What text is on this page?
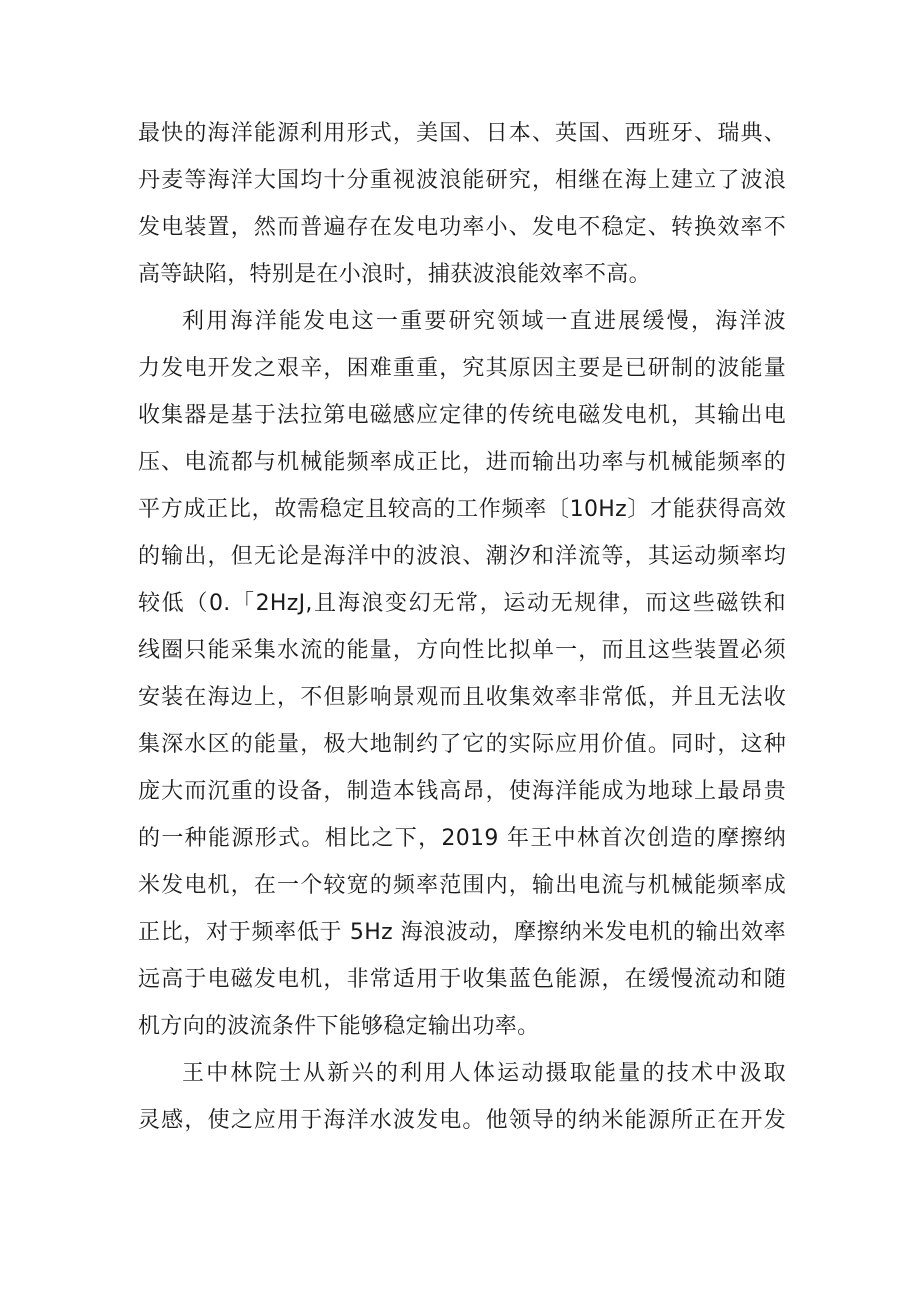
最快的海洋能源利用形式，美国、日本、英国、西班牙、瑞典、
丹麦等海洋大国均十分重视波浪能研究，相继在海上建立了波浪
发电装置，然而普遍存在发电功率小、发电不稳定、转换效率不
高等缺陷，特别是在小浪时，捕获波浪能效率不高。
利用海洋能发电这一重要研究领域一直进展缓慢，海洋波
力发电开发之艰辛，困难重重，究其原因主要是已研制的波能量
收集器是基于法拉第电磁感应定律的传统电磁发电机，其输出电
压、电流都与机械能频率成正比，进而输出功率与机械能频率的
平方成正比，故需稳定且较高的工作频率〔10Hz〕才能获得高效
的输出，但无论是海洋中的波浪、潮汐和洋流等，其运动频率均
较低（0.「2HzJ,且海浪变幻无常，运动无规律，而这些磁铁和
线圈只能采集水流的能量，方向性比拟单一，而且这些装置必须
安装在海边上，不但影响景观而且收集效率非常低，并且无法收
集深水区的能量，极大地制约了它的实际应用价值。同时，这种
庞大而沉重的设备，制造本钱高昂，使海洋能成为地球上最昂贵
的一种能源形式。相比之下，2019 年王中林首次创造的摩擦纳
米发电机，在一个较宽的频率范围内，输出电流与机械能频率成
正比，对于频率低于 5Hz 海浪波动，摩擦纳米发电机的输出效率
远高于电磁发电机，非常适用于收集蓝色能源，在缓慢流动和随
机方向的波流条件下能够稳定输出功率。
王中林院士从新兴的利用人体运动摄取能量的技术中汲取
灵感，使之应用于海洋水波发电。他领导的纳米能源所正在开发
